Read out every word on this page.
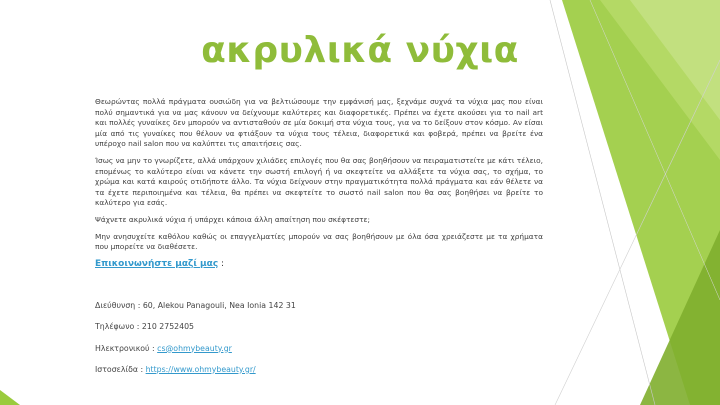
ακρυλικά νύχια

Θεωρώντας πολλά πράγματα ουσιώδη για να βελτιώσουμε την εμφάνισή μας, ξεχνάμε συχνά τα νύχια μας που είναι πολύ σημαντικά για να μας κάνουν να δείχνουμε καλύτερες και διαφορετικές. Πρέπει να έχετε ακούσει για το nail art και πολλές γυναίκες δεν μπορούν να αντισταθούν σε μία δοκιμή στα νύχια τους, για να το δείξουν στον κόσμο. Αν είσαι μία από τις γυναίκες που θέλουν να φτιάξουν τα νύχια τους τέλεια, διαφορετικά και φοβερά, πρέπει να βρείτε ένα υπέροχο nail salon που να καλύπτει τις απαιτήσεις σας.

Ίσως να μην το γνωρίζετε, αλλά υπάρχουν χιλιάδες επιλογές που θα σας βοηθήσουν να πειραματιστείτε με κάτι τέλειο, επομένως το καλύτερο είναι να κάνετε την σωστή επιλογή ή να σκεφτείτε να αλλάξετε τα νύχια σας, το σχήμα, το χρώμα και κατά καιρούς οτιδήποτε άλλο. Τα νύχια δείχνουν στην πραγματικότητα πολλά πράγματα και εάν θέλετε να τα έχετε περιποιημένα και τέλεια, θα πρέπει να σκεφτείτε το σωστό nail salon που θα σας βοηθήσει να βρείτε το καλύτερο για εσάς.

Ψάχνετε ακρυλικά νύχια ή υπάρχει κάποια άλλη απαίτηση που σκέφτεστε;

Μην ανησυχείτε καθόλου καθώς οι επαγγελματίες μπορούν να σας βοηθήσουν με όλα όσα χρειάζεστε με τα χρήματα που μπορείτε να διαθέσετε.

Επικοινωνήστε μαζί μας :

Διεύθυνση : 60, Alekou Panagouli, Nea Ionia 142 31

Τηλέφωνο : 210 2752405

Ηλεκτρονικού : cs@ohmybeauty.gr

Ιστοσελίδα : https://www.ohmybeauty.gr/
